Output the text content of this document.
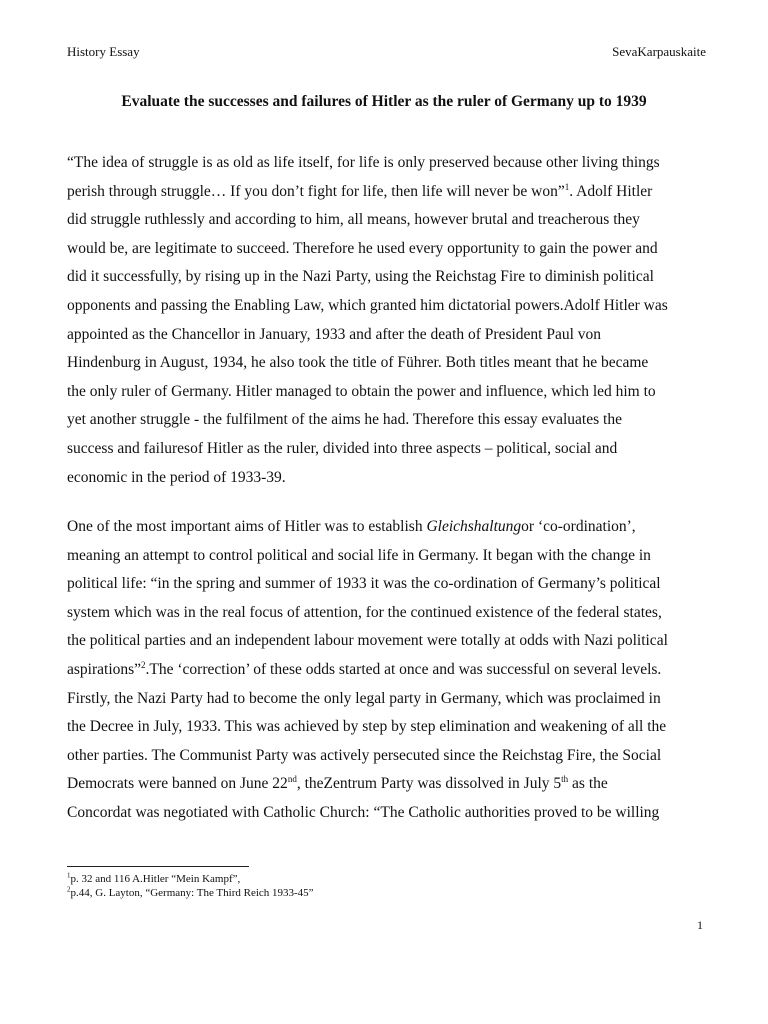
History Essay	SevaKarpauskaite
Evaluate the successes and failures of Hitler as the ruler of Germany up to 1939

“The idea of struggle is as old as life itself, for life is only preserved because other living things
perish through struggle… If you don’t fight for life, then life will never be won”$^1$. Adolf Hitler
did struggle ruthlessly and according to him, all means, however brutal and treacherous they
would be, are legitimate to succeed. Therefore he used every opportunity to gain the power and
did it successfully, by rising up in the Nazi Party, using the Reichstag Fire to diminish political
opponents and passing the Enabling Law, which granted him dictatorial powers.Adolf Hitler was
appointed as the Chancellor in January, 1933 and after the death of President Paul von
Hindenburg in August, 1934, he also took the title of Führer. Both titles meant that he became
the only ruler of Germany. Hitler managed to obtain the power and influence, which led him to
yet another struggle - the fulfilment of the aims he had. Therefore this essay evaluates the
success and failuresof Hitler as the ruler, divided into three aspects – political, social and
economic in the period of 1933-39.

One of the most important aims of Hitler was to establish Gleichshaltungor ‘co-ordination’,
meaning an attempt to control political and social life in Germany. It began with the change in
political life: “in the spring and summer of 1933 it was the co-ordination of Germany’s political
system which was in the real focus of attention, for the continued existence of the federal states,
the political parties and an independent labour movement were totally at odds with Nazi political
aspirations”$^2$.The ‘correction’ of these odds started at once and was successful on several levels.
Firstly, the Nazi Party had to become the only legal party in Germany, which was proclaimed in
the Decree in July, 1933. This was achieved by step by step elimination and weakening of all the
other parties. The Communist Party was actively persecuted since the Reichstag Fire, the Social
Democrats were banned on June 22nd, theZentrum Party was dissolved in July 5th as the
Concordat was negotiated with Catholic Church: “The Catholic authorities proved to be willing

$^1$p. 32 and 116 A.Hitler “Mein Kampf”,
$^2$p.44, G. Layton, “Germany: The Third Reich 1933-45”
1
